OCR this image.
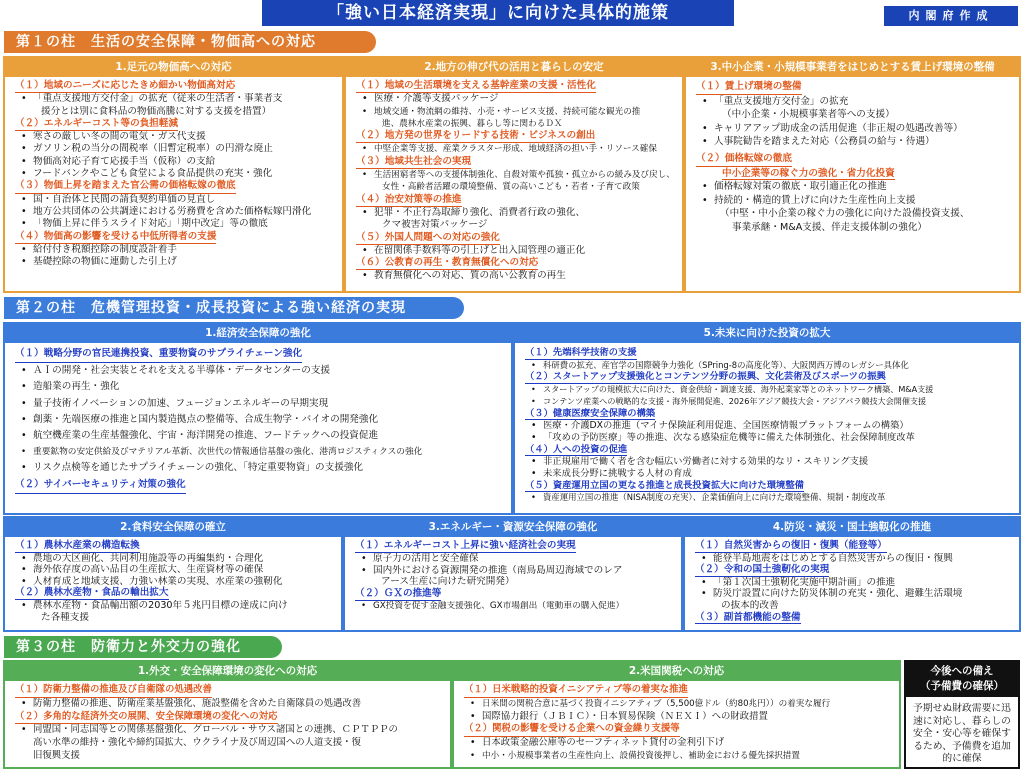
「強い日本経済実現」に向けた具体的施策	内閣府作成
第１の柱　生活の安全保障・物価高への対応
1.足元の物価高への対応
（１）地域のニーズに応じたきめ細かい物価高対応
• 「重点支援地方交付金」の拡充（従来の生活者・事業者支
援分とは別に食料品の物価高騰に対する支援を措置）
（２）エネルギーコスト等の負担軽減
• 寒さの厳しい冬の間の電気・ガス代支援
• ガソリン税の当分の間税率（旧暫定税率）の円滑な廃止
• 物価高対応子育て応援手当（仮称）の支給
• フードバンクやこども食堂による食品提供の充実・強化
（３）物価上昇を踏まえた官公需の価格転嫁の徹底
• 国・自治体と民間の請負契約単価の見直し
• 地方公共団体の公共調達における労務費を含めた価格転嫁円滑化
• 「物価上昇に伴うスライド対応」「期中改定」等の徹底
（４）物価高の影響を受ける中低所得者の支援
• 給付付き税額控除の制度設計着手
• 基礎控除の物価に連動した引上げ
2.地方の伸び代の活用と暮らしの安定
（１）地域の生活環境を支える基幹産業の支援・活性化
• 医療・介護等支援パッケージ
• 地域交通・物流網の維持、小売・サービス支援、持続可能な観光の推
進、農林水産業の振興、暮らし等に関わるＤＸ
（２）地方発の世界をリードする技術・ビジネスの創出
• 中堅企業等支援、産業クラスター形成、地域経済の担い手・リソース確保
（３）地域共生社会の実現
• 生活困窮者等への支援体制強化、自殺対策や孤独・孤立からの緩み及び戻し、
女性・高齢者活躍の環境整備、質の高いこども・若者・子育て政策
（４）治安対策等の推進
• 犯罪・不正行為取締り強化、消費者行政の強化、
クマ被害対策パッケージ
（５）外国人問題への対応の強化
• 在留関係手数料等の引上げと出入国管理の適正化
（６）公教育の再生・教育無償化への対応
• 教育無償化への対応、質の高い公教育の再生
3.中小企業・小規模事業者をはじめとする賃上げ環境の整備
（１）賃上げ環境の整備
• 「重点支援地方交付金」の拡充
（中小企業・小規模事業者等への支援）
• キャリアアップ助成金の活用促進（非正規の処遇改善等）
• 人事院勧告を踏まえた対応（公務員の給与・待遇）
（２）価格転嫁の徹底
中小企業等の稼ぐ力の強化・省力化投資
• 価格転嫁対策の徹底・取引適正化の推進
• 持続的・構造的賃上げに向けた生産性向上支援
（中堅・中小企業の稼ぐ力の強化に向けた設備投資支援、
事業承継・M&A支援、伴走支援体制の強化）
第２の柱　危機管理投資・成長投資による強い経済の実現
1.経済安全保障の強化
（１）戦略分野の官民連携投資、重要物資のサプライチェーン強化
• ＡＩの開発・社会実装とそれを支える半導体・データセンターの支援
• 造船業の再生・強化
• 量子技術イノベーションの加速、フュージョンエネルギーの早期実現
• 創薬・先端医療の推進と国内製造拠点の整備等、合成生物学・バイオの開発強化
• 航空機産業の生産基盤強化、宇宙・海洋開発の推進、フードテックへの投資促進
• 重要鉱物の安定供給及びマテリアル革新、次世代の情報通信基盤の強化、港湾ロジスティクスの強化
• リスク点検等を通じたサプライチェーンの強化、「特定重要物資」の支援強化
（２）サイバーセキュリティ対策の強化
5.未来に向けた投資の拡大
（１）先端科学技術の支援
• 科研費の拡充、産官学の国際競争力強化（SPring-8の高度化等）、大阪関西万博のレガシー具体化
（２）スタートアップ支援強化とコンテンツ分野の振興、文化芸術及びスポーツの振興
• スタートアップの規模拡大に向けた、資金供給・調達支援、海外起業家等とのネットワーク構築、M&A支援
• コンテンツ産業への戦略的な支援・海外展開促進、2026年アジア競技大会・アジアパラ競技大会開催支援
（３）健康医療安全保障の構築
• 医療・介護DXの推進（マイナ保険証利用促進、全国医療情報プラットフォームの構築）
• 「攻めの予防医療」等の推進、次なる感染症危機等に備えた体制強化、社会保障制度改革
（４）人への投資の促進
• 非正規雇用で働く者を含む幅広い労働者に対する効果的なリ・スキリング支援
• 未来成長分野に挑戦する人材の育成
（５）資産運用立国の更なる推進と成長投資拡大に向けた環境整備
• 資産運用立国の推進（NISA制度の充実）、企業価値向上に向けた環境整備、規制・制度改革
2.食料安全保障の確立
（１）農林水産業の構造転換
• 農地の大区画化、共同利用施設等の再編集約・合理化
• 海外依存度の高い品目の生産拡大、生産資材等の確保
• 人材育成と地域支援、力強い林業の実現、水産業の強靭化
（２）農林水産物・食品の輸出拡大
• 農林水産物・食品輸出額の2030年５兆円目標の達成に向け
た各種支援
3.エネルギー・資源安全保障の強化
（１）エネルギーコスト上昇に強い経済社会の実現
• 原子力の活用と安全確保
• 国内外における資源開発の推進（南鳥島周辺海域でのレア
アース生産に向けた研究開発）
（２）ＧＸの推進等
• GX投資を促す金融支援強化、GX市場創出（電動車の購入促進）
4.防災・減災・国土強靱化の推進
（１）自然災害からの復旧・復興（能登等）
• 能登半島地震をはじめとする自然災害からの復旧・復興
（２）令和の国土強靭化の実現
• 「第１次国土強靭化実施中期計画」の推進
• 防災庁設置に向けた防災体制の充実・強化、避難生活環境
の抜本的改善
（３）副首都機能の整備
第３の柱　防衛力と外交力の強化
1.外交・安全保障環境の変化への対応
（１）防衛力整備の推進及び自衛隊の処遇改善
• 防衛力整備の推進、防衛産業基盤強化、施設整備を含めた自衛隊員の処遇改善
（２）多角的な経済外交の展開、安全保障環境の変化への対応
• 同盟国・同志国等との関係基盤強化、グローバル・サウス諸国との連携、ＣＰＴＰＰの
高い水準の維持・強化や締約国拡大、ウクライナ及び周辺国への人道支援・復
旧復興支援
2.米国関税への対応
（１）日米戦略的投資イニシアティブ等の着実な推進
• 日米間の関税合意に基づく投資イニシアティブ（5,500億ドル（約80兆円））の着実な履行
• 国際協力銀行（ＪＢＩＣ）・日本貿易保険（ＮＥＸＩ）への財政措置
（２）関税の影響を受ける企業への資金繰り支援等
• 日本政策金融公庫等のセーフティネット貸付の金利引下げ
• 中小・小規模事業者の生産性向上、設備投資後押し、補助金における優先採択措置
今後への備え
（予備費の確保）
予期せぬ財政需要に迅速に対応し、暮らしの安全・安心等を確保するため、予備費を追加的に確保
